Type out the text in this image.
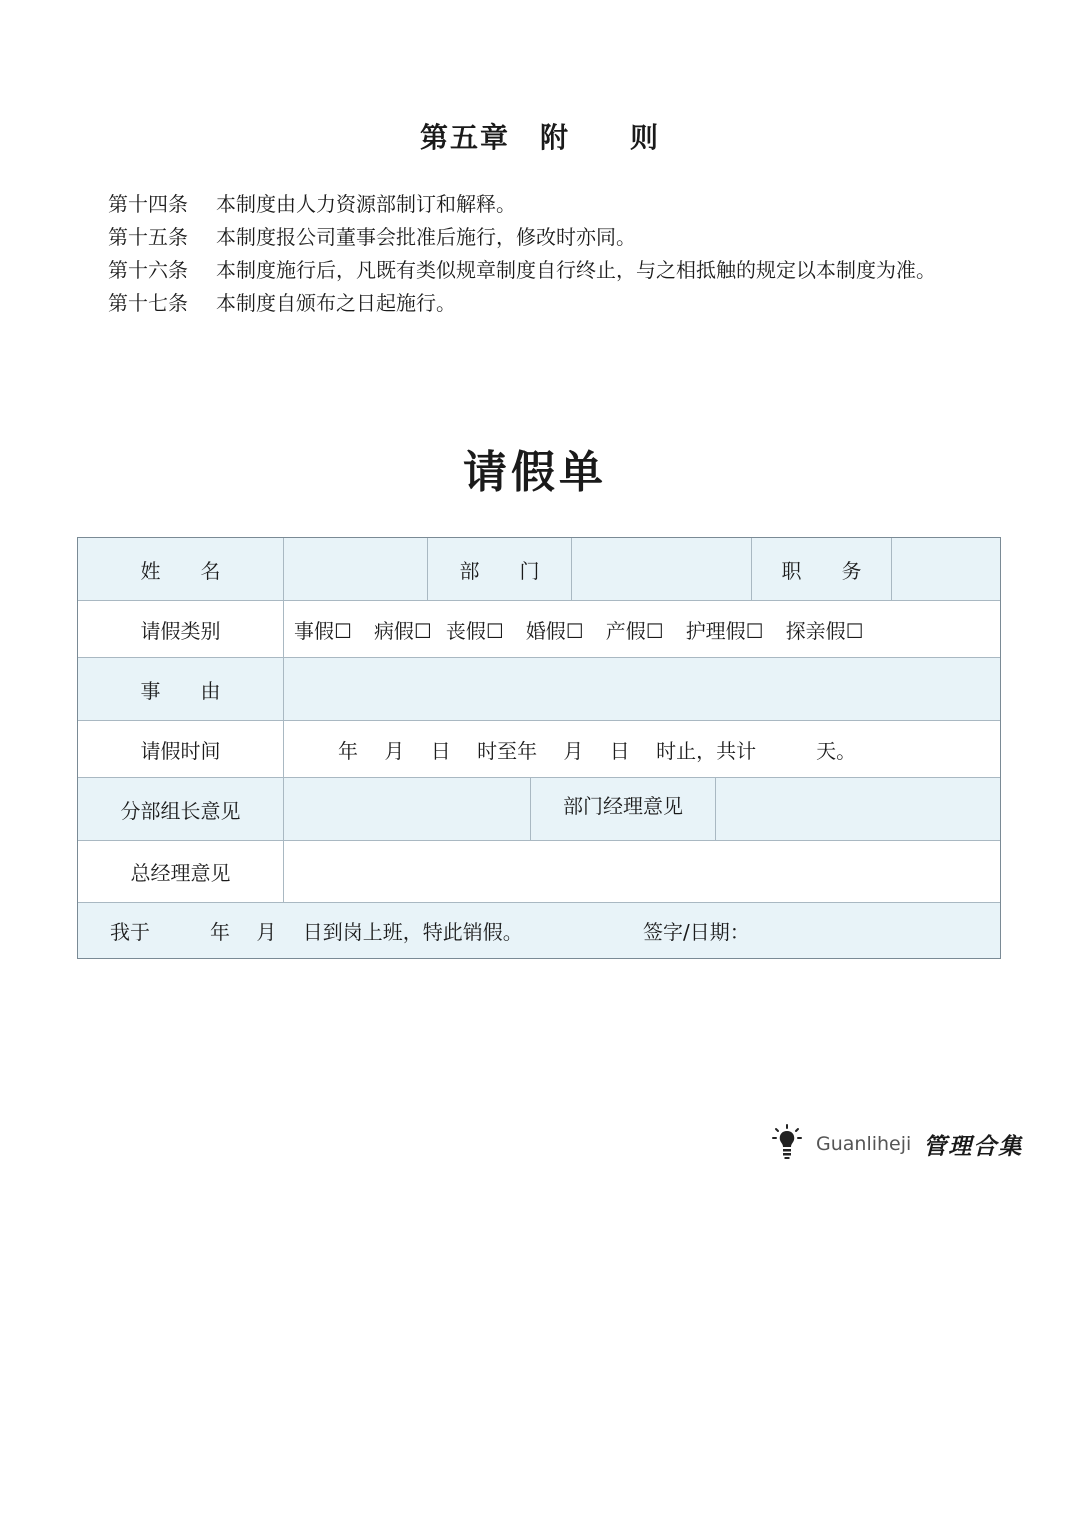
第五章　附　　则
第十四条 本制度由人力资源部制订和解释。
第十五条 本制度报公司董事会批准后施行，修改时亦同。
第十六条 本制度施行后，凡既有类似规章制度自行终止，与之相抵触的规定以本制度为准。
第十七条 本制度自颁布之日起施行。
请假单
姓　　名	部　　门	职　　务
请假类别	事假☐ 病假☐ 丧假☐ 婚假☐ 产假☐ 护理假☐ 探亲假☐
事　　由
请假时间	年　 月　 日　 时至年　 月　 日　 时止，共计　　　天。
分部组长意见	部门经理意见
总经理意见
我于　　　年　 月　 日到岗上班，特此销假。	签字/日期：
Guanliheji 管理合集
